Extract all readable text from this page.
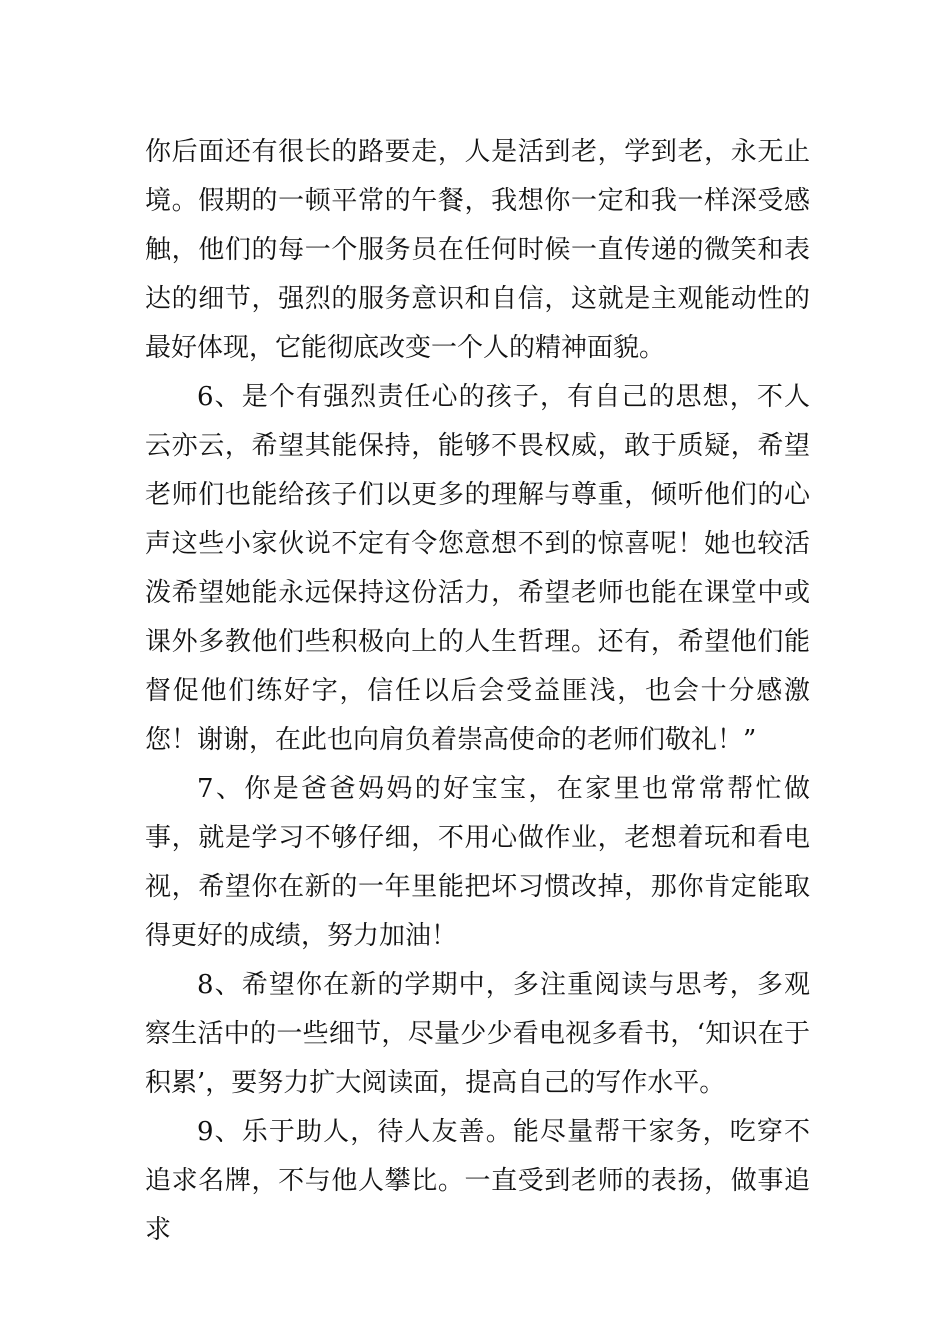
你后面还有很长的路要走，人是活到老，学到老，永无止境。假期的一顿平常的午餐，我想你一定和我一样深受感触，他们的每一个服务员在任何时候一直传递的微笑和表达的细节，强烈的服务意识和自信，这就是主观能动性的最好体现，它能彻底改变一个人的精神面貌。

6、是个有强烈责任心的孩子，有自己的思想，不人云亦云，希望其能保持，能够不畏权威，敢于质疑，希望老师们也能给孩子们以更多的理解与尊重，倾听他们的心声这些小家伙说不定有令您意想不到的惊喜呢！她也较活泼希望她能永远保持这份活力，希望老师也能在课堂中或课外多教他们些积极向上的人生哲理。还有，希望他们能督促他们练好字，信任以后会受益匪浅，也会十分感激您！谢谢，在此也向肩负着崇高使命的老师们敬礼！”

7、你是爸爸妈妈的好宝宝，在家里也常常帮忙做事，就是学习不够仔细，不用心做作业，老想着玩和看电视，希望你在新的一年里能把坏习惯改掉，那你肯定能取得更好的成绩，努力加油！

8、希望你在新的学期中，多注重阅读与思考，多观察生活中的一些细节，尽量少少看电视多看书，‘知识在于积累’，要努力扩大阅读面，提高自己的写作水平。

9、乐于助人，待人友善。能尽量帮干家务，吃穿不追求名牌，不与他人攀比。一直受到老师的表扬，做事追求
